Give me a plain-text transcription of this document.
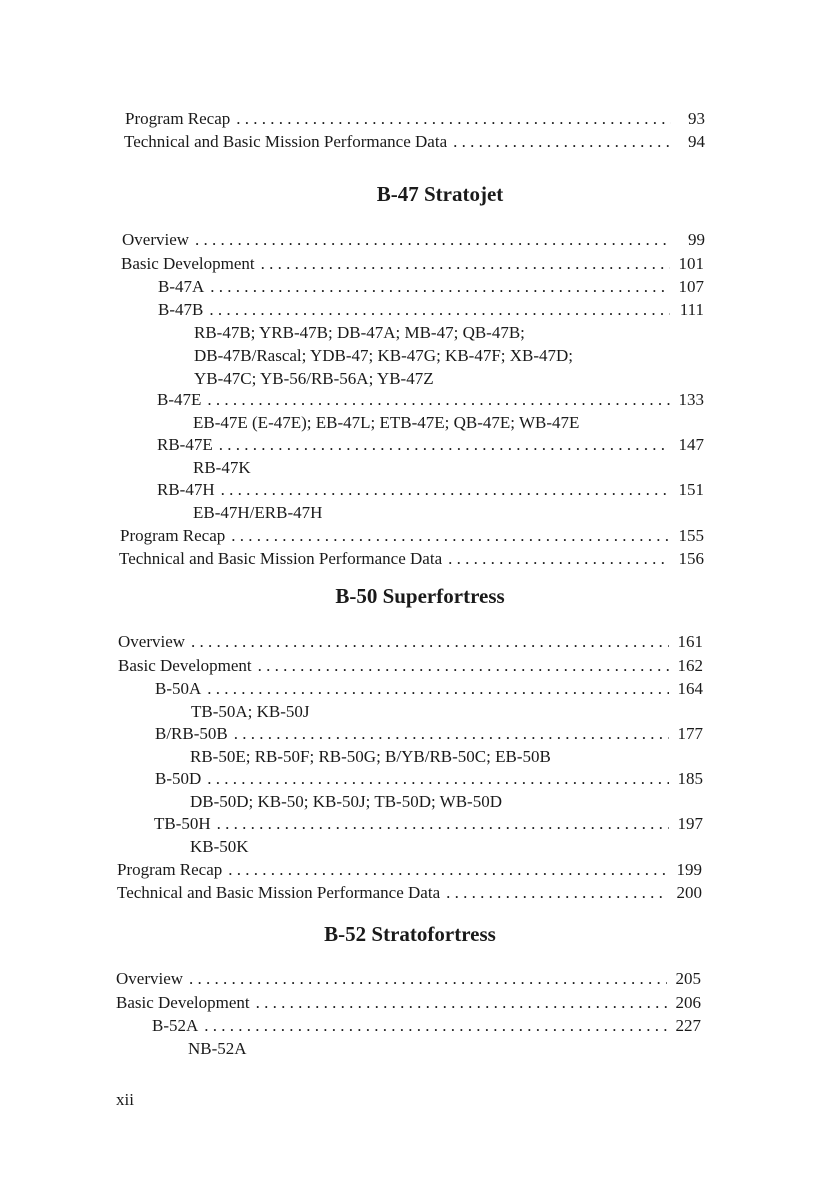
Program Recap . . .	93
Technical and Basic Mission Performance Data . . .	94
B-47 Stratojet
Overview . . .	99
Basic Development . . .	101
B-47A . . .	107
B-47B . . .	111
RB-47B; YRB-47B; DB-47A; MB-47; QB-47B;
DB-47B/Rascal; YDB-47; KB-47G; KB-47F; XB-47D;
YB-47C; YB-56/RB-56A; YB-47Z
B-47E . . .	133
EB-47E (E-47E); EB-47L; ETB-47E; QB-47E; WB-47E
RB-47E . . .	147
RB-47K
RB-47H . . .	151
EB-47H/ERB-47H
Program Recap . . .	155
Technical and Basic Mission Performance Data . . .	156
B-50 Superfortress
Overview . . .	161
Basic Development . . .	162
B-50A . . .	164
TB-50A; KB-50J
B/RB-50B . . .	177
RB-50E; RB-50F; RB-50G; B/YB/RB-50C; EB-50B
B-50D . . .	185
DB-50D; KB-50; KB-50J; TB-50D; WB-50D
TB-50H . . .	197
KB-50K
Program Recap . . .	199
Technical and Basic Mission Performance Data . . .	200
B-52 Stratofortress
Overview . . .	205
Basic Development . . .	206
B-52A . . .	227
NB-52A
xii
